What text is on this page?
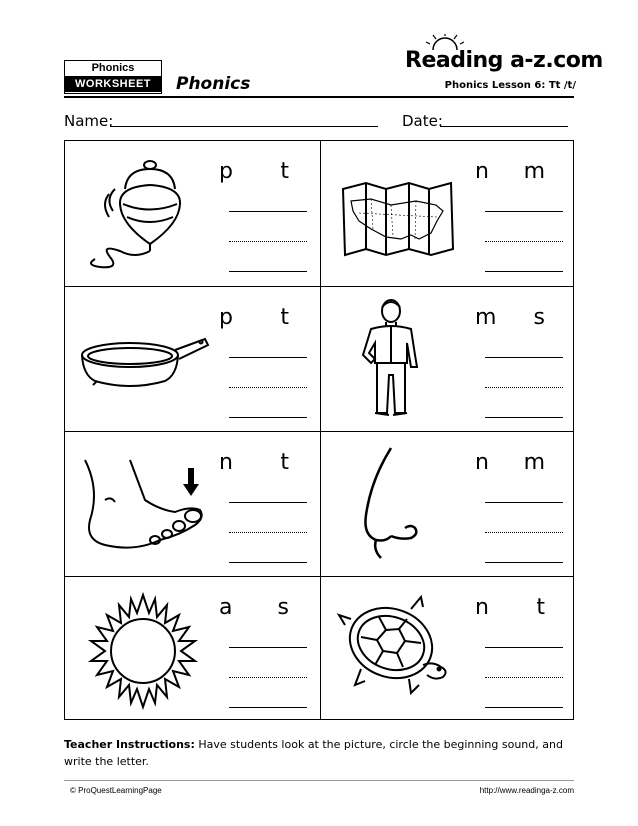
Phonics
WORKSHEET	Phonics
Reading a-z.com
Phonics Lesson 6: Tt /t/
Name:	Date:
p t	n m
p t	m s
n t	n m
a s	n t
Teacher Instructions: Have students look at the picture, circle the beginning sound, and write the letter.
© ProQuestLearningPage	http://www.readinga-z.com
